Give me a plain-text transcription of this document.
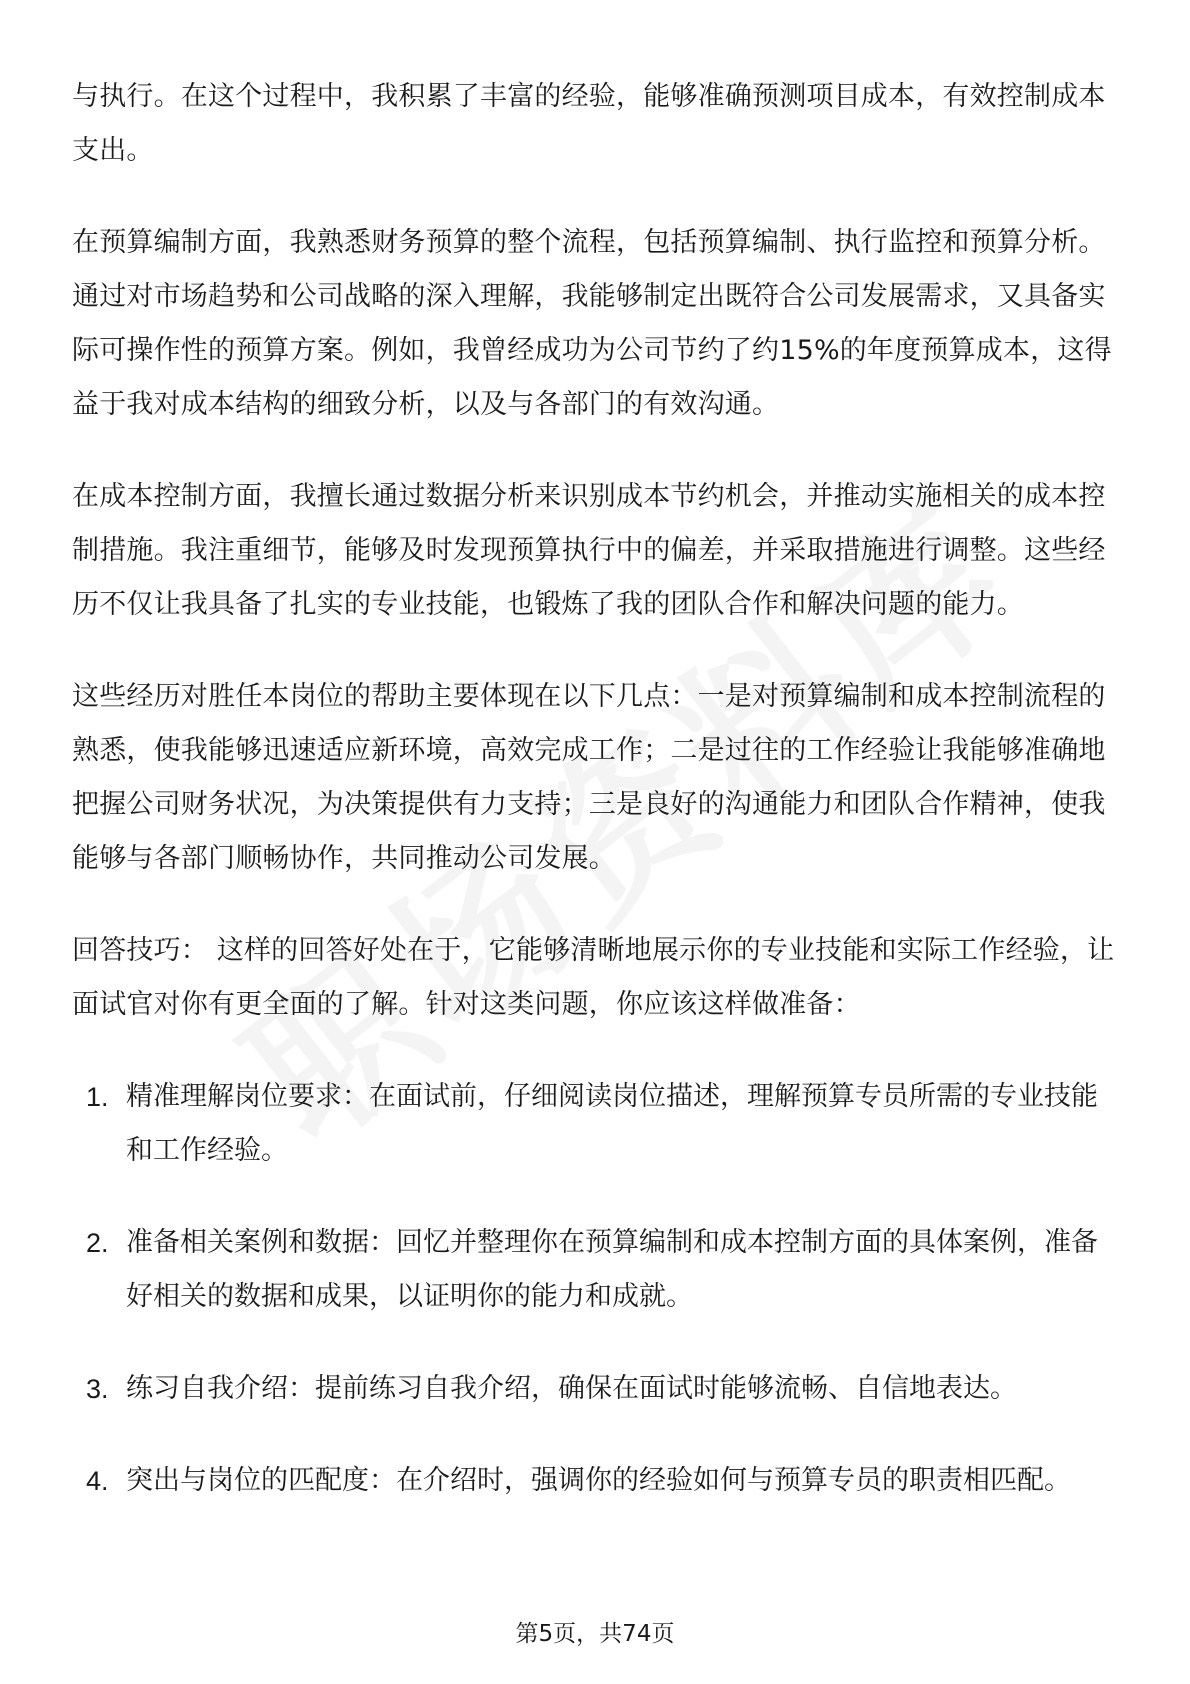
与执行。在这个过程中，我积累了丰富的经验，能够准确预测项目成本，有效控制成本支出。

在预算编制方面，我熟悉财务预算的整个流程，包括预算编制、执行监控和预算分析。通过对市场趋势和公司战略的深入理解，我能够制定出既符合公司发展需求，又具备实际可操作性的预算方案。例如，我曾经成功为公司节约了约15%的年度预算成本，这得益于我对成本结构的细致分析，以及与各部门的有效沟通。

在成本控制方面，我擅长通过数据分析来识别成本节约机会，并推动实施相关的成本控制措施。我注重细节，能够及时发现预算执行中的偏差，并采取措施进行调整。这些经历不仅让我具备了扎实的专业技能，也锻炼了我的团队合作和解决问题的能力。

这些经历对胜任本岗位的帮助主要体现在以下几点：一是对预算编制和成本控制流程的熟悉，使我能够迅速适应新环境，高效完成工作；二是过往的工作经验让我能够准确地把握公司财务状况，为决策提供有力支持；三是良好的沟通能力和团队合作精神，使我能够与各部门顺畅协作，共同推动公司发展。

回答技巧： 这样的回答好处在于，它能够清晰地展示你的专业技能和实际工作经验，让面试官对你有更全面的了解。针对这类问题，你应该这样做准备：

1. 精准理解岗位要求：在面试前，仔细阅读岗位描述，理解预算专员所需的专业技能和工作经验。
2. 准备相关案例和数据：回忆并整理你在预算编制和成本控制方面的具体案例，准备好相关的数据和成果，以证明你的能力和成就。
3. 练习自我介绍：提前练习自我介绍，确保在面试时能够流畅、自信地表达。
4. 突出与岗位的匹配度：在介绍时，强调你的经验如何与预算专员的职责相匹配。
第5页，共74页
